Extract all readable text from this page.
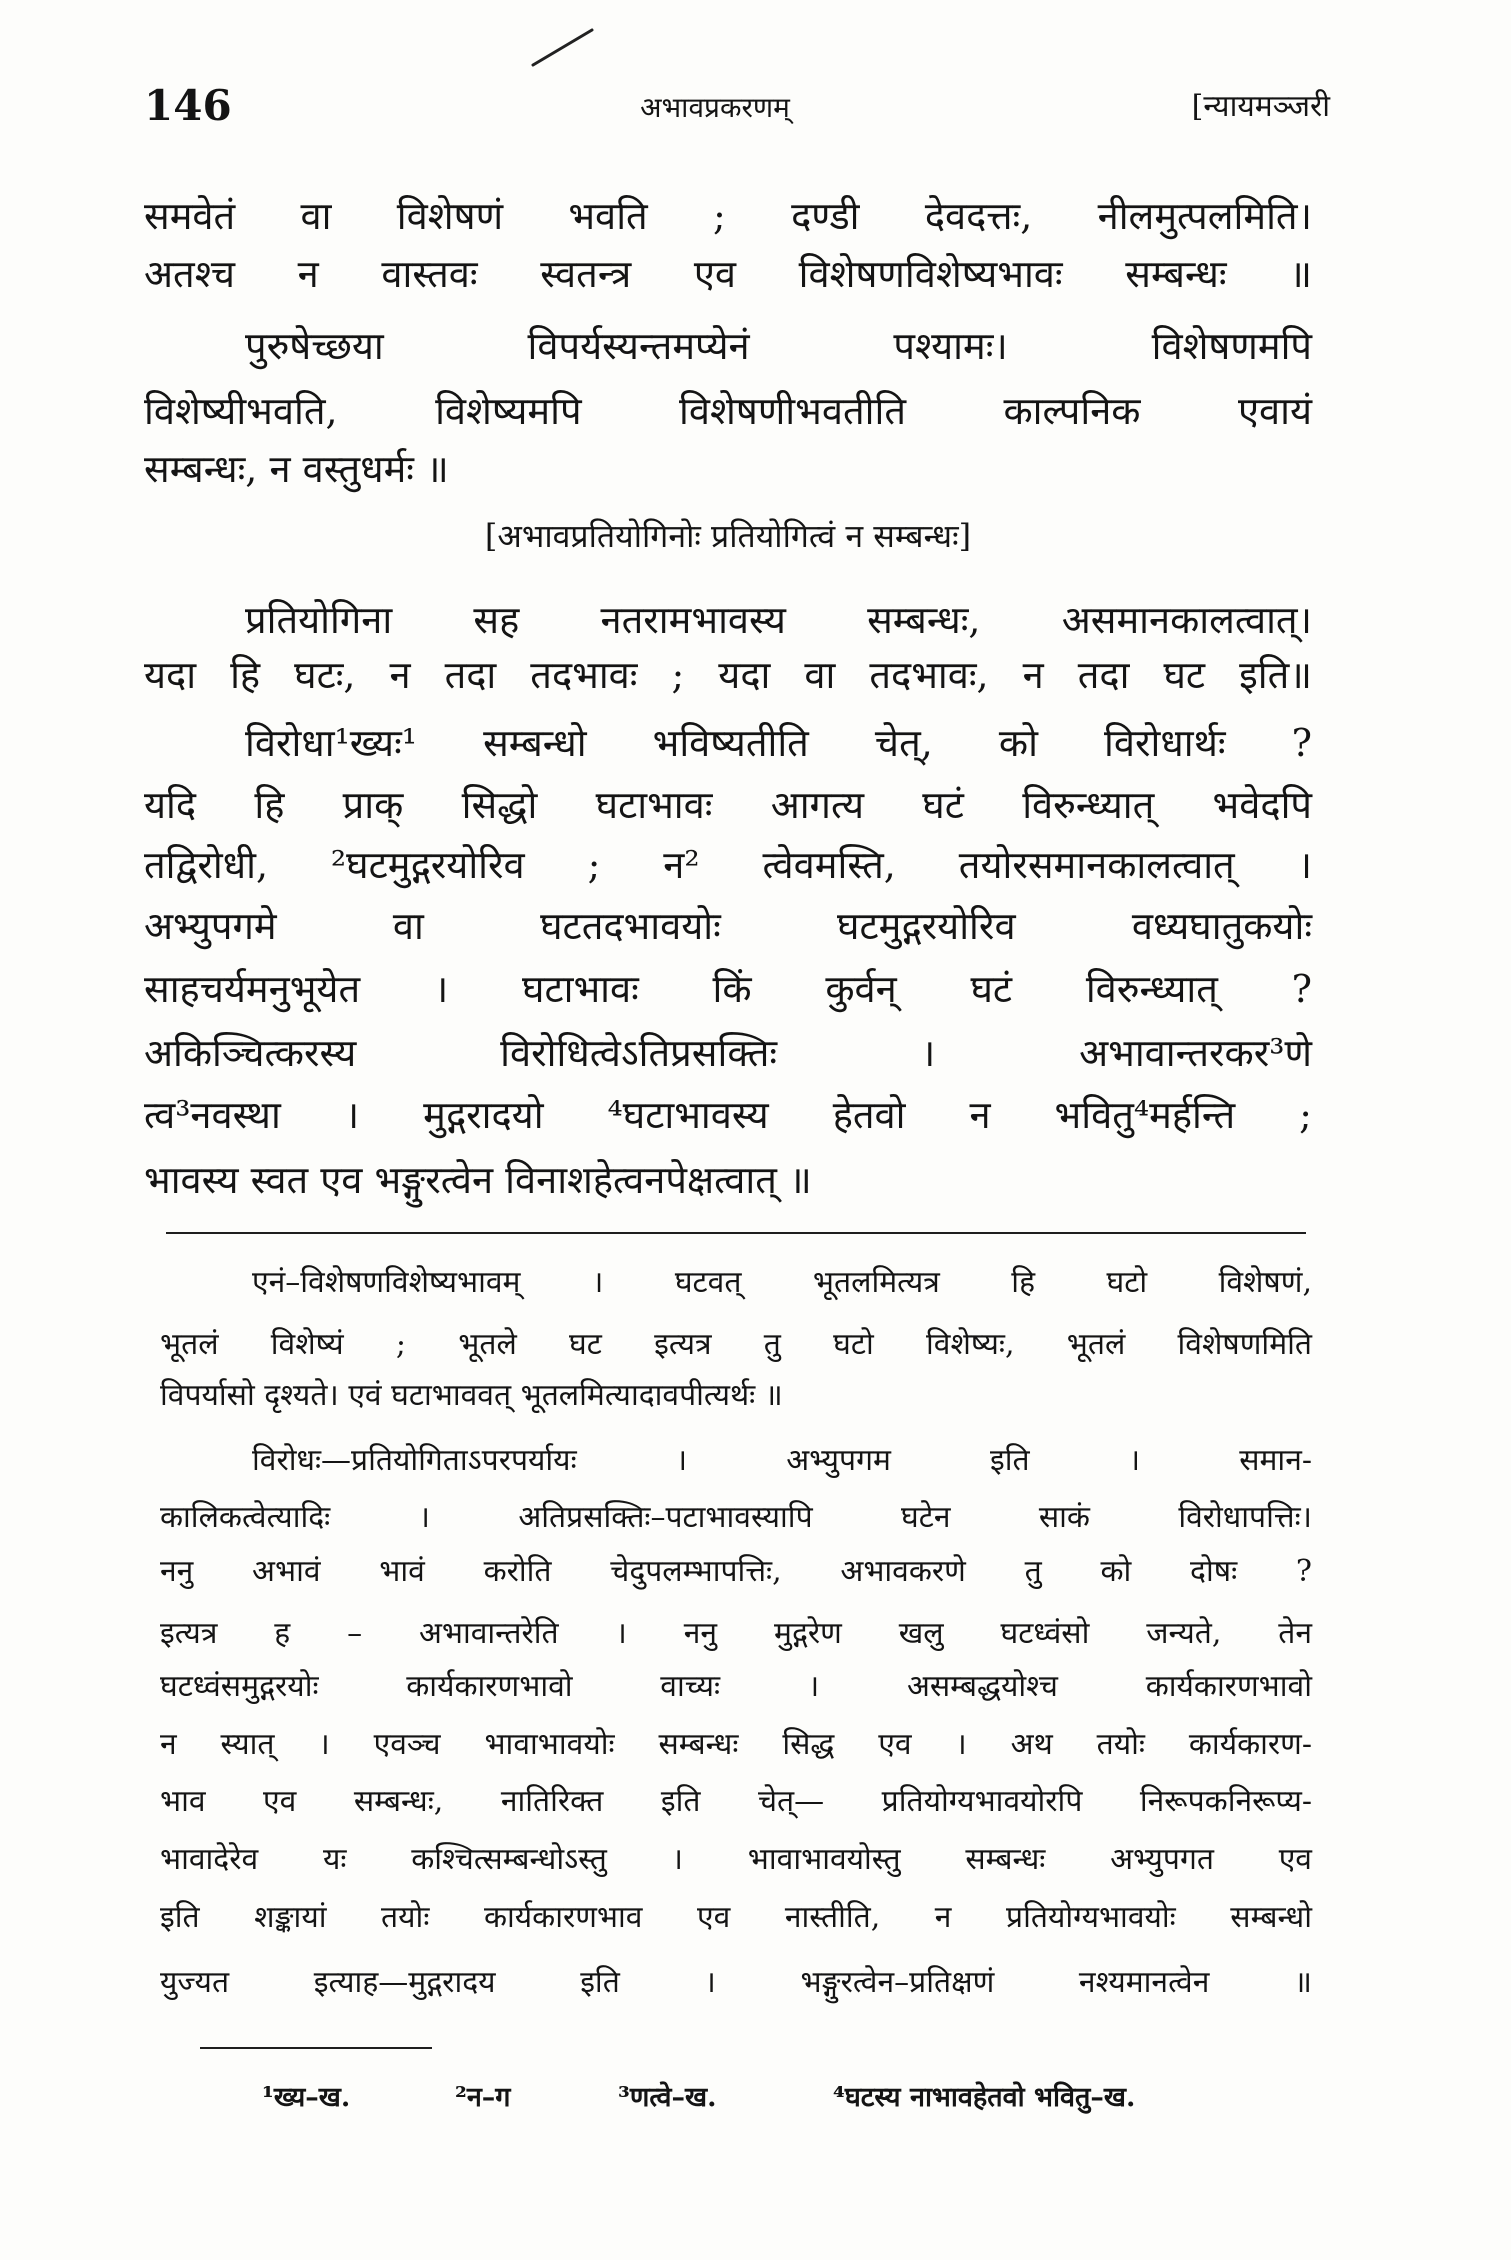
146	अभावप्रकरणम्	[न्यायमञ्जरी
समवेतं वा विशेषणं भवति ; दण्डी देवदत्तः, नीलमुत्पलमिति।
अतश्च न वास्तवः स्वतन्त्र एव विशेषणविशेष्यभावः सम्बन्धः ॥
पुरुषेच्छया विपर्यस्यन्तमप्येनं पश्यामः। विशेषणमपि
विशेष्यीभवति, विशेष्यमपि विशेषणीभवतीति काल्पनिक एवायं
सम्बन्धः, न वस्तुधर्मः ॥
[अभावप्रतियोगिनोः प्रतियोगित्वं न सम्बन्धः]
प्रतियोगिना सह नतरामभावस्य सम्बन्धः, असमानकालत्वात्।
यदा हि घटः, न तदा तदभावः ; यदा वा तदभावः, न तदा घट इति॥
विरोधा¹ख्यः¹ सम्बन्धो भविष्यतीति चेत्, को विरोधार्थः ?
यदि हि प्राक् सिद्धो घटाभावः आगत्य घटं विरुन्ध्यात् भवेदपि
तद्विरोधी, ²घटमुद्गरयोरिव ; न² त्वेवमस्ति, तयोरसमानकालत्वात् ।
अभ्युपगमे वा घटतदभावयोः घटमुद्गरयोरिव वध्यघातुकयोः
साहचर्यमनुभूयेत । घटाभावः किं कुर्वन् घटं विरुन्ध्यात् ?
अकिञ्चित्करस्य विरोधित्वेऽतिप्रसक्तिः । अभावान्तरकर³णे
त्व³नवस्था । मुद्गरादयो ⁴घटाभावस्य हेतवो न भवितु⁴मर्हन्ति ;
भावस्य स्वत एव भङ्गुरत्वेन विनाशहेत्वनपेक्षत्वात् ॥
एनं–विशेषणविशेष्यभावम् । घटवत् भूतलमित्यत्र हि घटो विशेषणं,
भूतलं विशेष्यं ; भूतले घट इत्यत्र तु घटो विशेष्यः, भूतलं विशेषणमिति
विपर्यासो दृश्यते। एवं घटाभाववत् भूतलमित्यादावपीत्यर्थः ॥
विरोधः—प्रतियोगिताऽपरपर्यायः । अभ्युपगम इति । समान-
कालिकत्वेत्यादिः । अतिप्रसक्तिः–पटाभावस्यापि घटेन साकं विरोधापत्तिः।
ननु अभावं भावं करोति चेदुपलम्भापत्तिः, अभावकरणे तु को दोषः ?
इत्यत्र ह – अभावान्तरेति । ननु मुद्गरेण खलु घटध्वंसो जन्यते, तेन
घटध्वंसमुद्गरयोः कार्यकारणभावो वाच्यः । असम्बद्धयोश्च कार्यकारणभावो
न स्यात् । एवञ्च भावाभावयोः सम्बन्धः सिद्ध एव । अथ तयोः कार्यकारण-
भाव एव सम्बन्धः, नातिरिक्त इति चेत्— प्रतियोग्यभावयोरपि निरूपकनिरूप्य-
भावादेरेव यः कश्चित्सम्बन्धोऽस्तु । भावाभावयोस्तु सम्बन्धः अभ्युपगत एव
इति शङ्कायां तयोः कार्यकारणभाव एव नास्तीति, न प्रतियोग्यभावयोः सम्बन्धो
युज्यत इत्याह—मुद्गरादय इति । भङ्गुरत्वेन–प्रतिक्षणं नश्यमानत्वेन ॥
¹ख्य–ख.	²न–ग	³णत्वे–ख.	⁴घटस्य नाभावहेतवो भवितु–ख.
